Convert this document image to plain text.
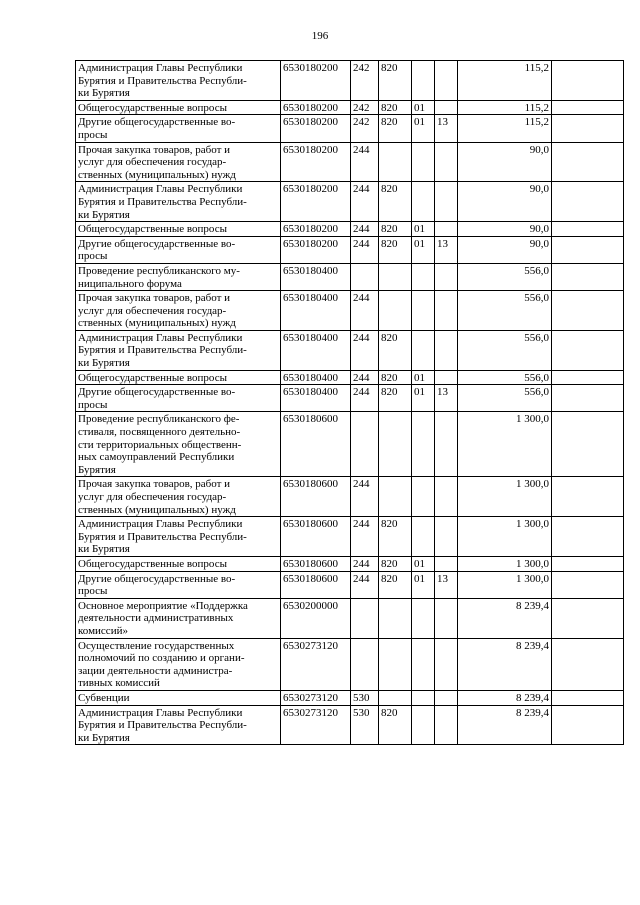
196
Администрация Главы Республики
Бурятия и Правительства Республи-
ки Бурятия	6530180200	242	820			115,2	

Общегосударственные вопросы	6530180200	242	820	01		115,2	

Другие общегосударственные во-
просы	6530180200	242	820	01	13	115,2	

Прочая закупка товаров, работ и
услуг для обеспечения государ-
ственных (муниципальных) нужд	6530180200	244				90,0	

Администрация Главы Республики
Бурятия и Правительства Республи-
ки Бурятия	6530180200	244	820			90,0	

Общегосударственные вопросы	6530180200	244	820	01		90,0	

Другие общегосударственные во-
просы	6530180200	244	820	01	13	90,0	

Проведение республиканского му-
ниципального форума	6530180400					556,0	

Прочая закупка товаров, работ и
услуг для обеспечения государ-
ственных (муниципальных) нужд	6530180400	244				556,0	

Администрация Главы Республики
Бурятия и Правительства Республи-
ки Бурятия	6530180400	244	820			556,0	

Общегосударственные вопросы	6530180400	244	820	01		556,0	

Другие общегосударственные во-
просы	6530180400	244	820	01	13	556,0	

Проведение республиканского фе-
стиваля, посвященного деятельно-
сти территориальных общественн-
ных самоуправлений Республики
Бурятия	6530180600					1 300,0	

Прочая закупка товаров, работ и
услуг для обеспечения государ-
ственных (муниципальных) нужд	6530180600	244				1 300,0	

Администрация Главы Республики
Бурятия и Правительства Республи-
ки Бурятия	6530180600	244	820			1 300,0	

Общегосударственные вопросы	6530180600	244	820	01		1 300,0	

Другие общегосударственные во-
просы	6530180600	244	820	01	13	1 300,0	

Основное мероприятие «Поддержка
деятельности административных
комиссий»	6530200000					8 239,4	

Осуществление государственных
полномочий по созданию и органи-
зации деятельности администра-
тивных комиссий	6530273120					8 239,4	

Субвенции	6530273120	530				8 239,4	

Администрация Главы Республики
Бурятия и Правительства Республи-
ки Бурятия	6530273120	530	820			8 239,4	
